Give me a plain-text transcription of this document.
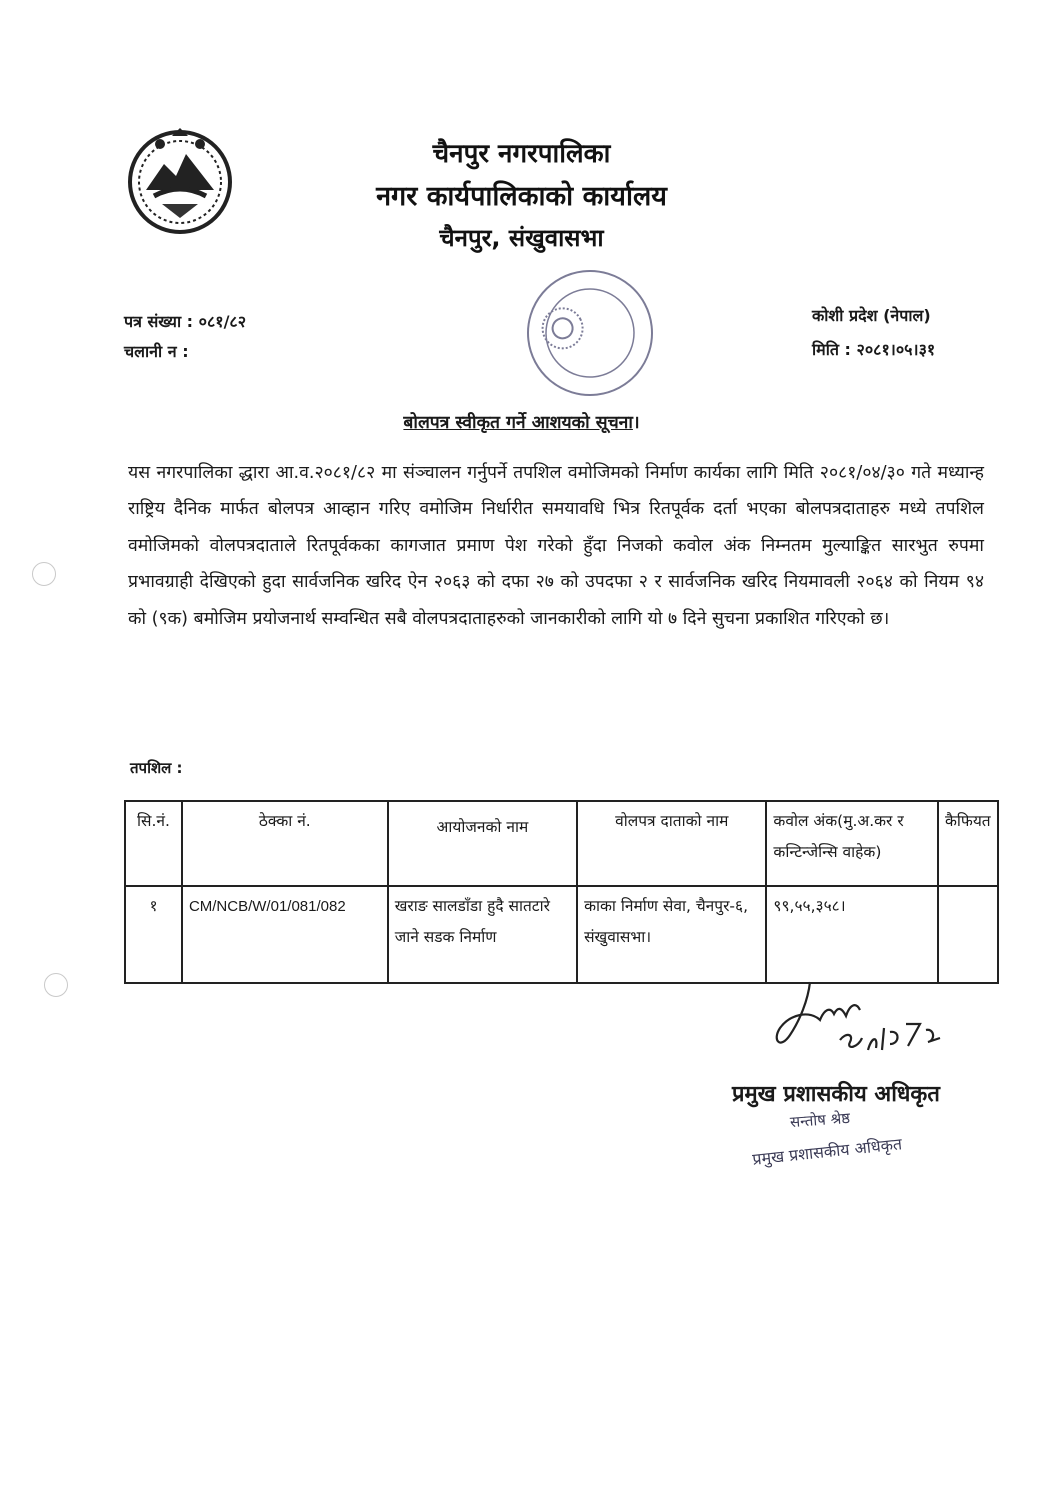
चैनपुर नगरपालिका
नगर कार्यपालिकाको कार्यालय
चैनपुर, संखुवासभा
पत्र संख्या : ०८१/८२
चलानी न :
कोशी प्रदेश (नेपाल)
मिति : २०८१।०५।३१
बोलपत्र स्वीकृत गर्ने आशयको सूचना।
यस नगरपालिका द्धारा आ.व.२०८१/८२ मा संञ्चालन गर्नुपर्ने तपशिल वमोजिमको निर्माण कार्यका लागि मिति २०८१/०४/३० गते मध्यान्ह राष्ट्रिय दैनिक मार्फत बोलपत्र आव्हान गरिए वमोजिम निर्धारीत समयावधि भित्र रितपूर्वक दर्ता भएका बोलपत्रदाताहरु मध्ये तपशिल वमोजिमको वोलपत्रदाताले रितपूर्वकका कागजात प्रमाण पेश गरेको हुँदा निजको कवोल अंक निम्नतम मुल्याङ्कित सारभुत रुपमा प्रभावग्राही देखिएको हुदा सार्वजनिक खरिद ऐन २०६३ को दफा २७ को उपदफा २ र सार्वजनिक खरिद नियमावली २०६४ को नियम ९४ को (९क) बमोजिम प्रयोजनार्थ सम्वन्धित सबै वोलपत्रदाताहरुको जानकारीको लागि यो ७ दिने सुचना प्रकाशित गरिएको छ।
तपशिल :
सि.नं.	ठेक्का नं.	आयोजनको नाम	वोलपत्र दाताको नाम	कवोल अंक(मु.अ.कर र कन्टिन्जेन्सि वाहेक)	कैफियत
१	CM/NCB/W/01/081/082	खराङ सालडाँडा हुदै सातटारे जाने सडक निर्माण	काका निर्माण सेवा, चैनपुर-६, संखुवासभा।	९९,५५,३५८।	
प्रमुख प्रशासकीय अधिकृत
सन्तोष श्रेष्ठ
प्रमुख प्रशासकीय अधिकृत
